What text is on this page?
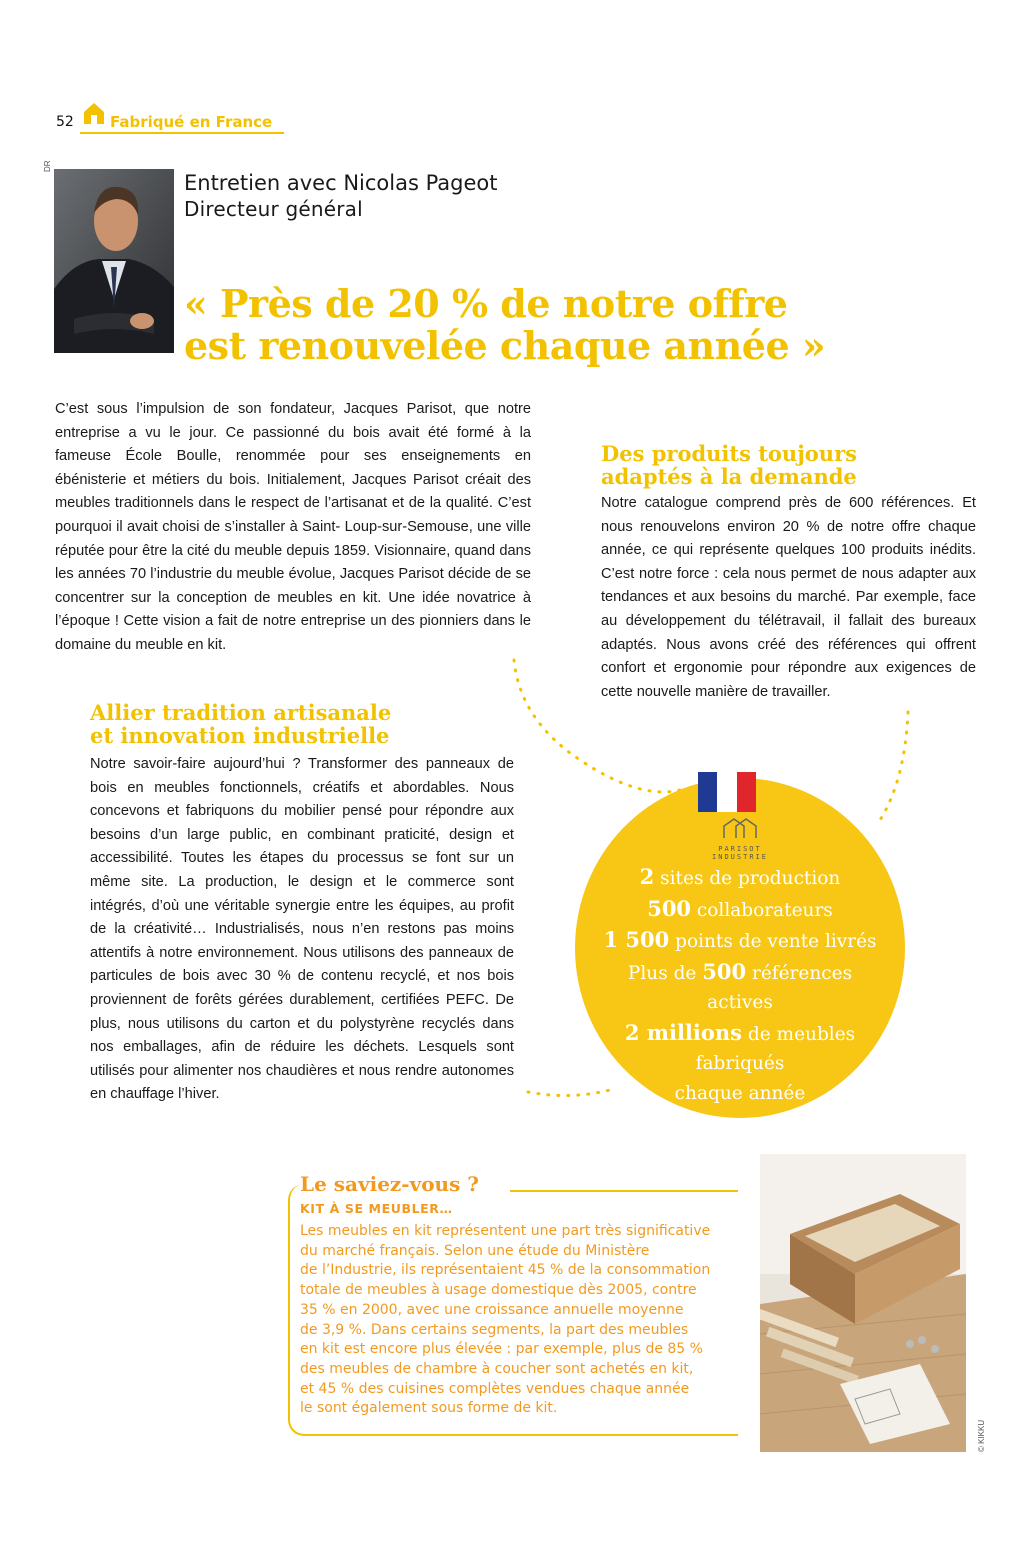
52 Fabriqué en France
DR
Entretien avec Nicolas Pageot
Directeur général
« Près de 20 % de notre offre
est renouvelée chaque année »

C’est sous l’impulsion de son fondateur, Jacques Parisot, que notre entreprise a vu le jour. Ce passionné du bois avait été formé à la fameuse École Boulle, renommée pour ses enseignements en ébénisterie et métiers du bois. Initialement, Jacques Parisot créait des meubles traditionnels dans le respect de l’artisanat et de la qualité. C’est pourquoi il avait choisi de s’installer à Saint- Loup-sur-Semouse, une ville réputée pour être la cité du meuble depuis 1859. Visionnaire, quand dans les années 70 l’industrie du meuble évolue, Jacques Parisot décide de se concentrer sur la conception de meubles en kit. Une idée novatrice à l’époque ! Cette vision a fait de notre entreprise un des pionniers dans le domaine du meuble en kit.

Allier tradition artisanale
et innovation industrielle

Notre savoir-faire aujourd’hui ? Transformer des panneaux de bois en meubles fonctionnels, créatifs et abordables. Nous concevons et fabriquons du mobilier pensé pour répondre aux besoins d’un large public, en combinant praticité, design et accessibilité. Toutes les étapes du processus se font sur un même site. La production, le design et le commerce sont intégrés, d’où une véritable synergie entre les équipes, au profit de la créativité… Industrialisés, nous n’en restons pas moins attentifs à notre environnement. Nous utilisons des panneaux de particules de bois avec 30 % de contenu recyclé, et nos bois proviennent de forêts gérées durablement, certifiées PEFC. De plus, nous utilisons du carton et du polystyrène recyclés dans nos emballages, afin de réduire les déchets. Lesquels sont utilisés pour alimenter nos chaudières et nous rendre autonomes en chauffage l’hiver.

Des produits toujours
adaptés à la demande

Notre catalogue comprend près de 600 références. Et nous renouvelons environ 20 % de notre offre chaque année, ce qui représente quelques 100 produits inédits. C’est notre force : cela nous permet de nous adapter aux tendances et aux besoins du marché. Par exemple, face au développement du télétravail, il fallait des bureaux adaptés. Nous avons créé des références qui offrent confort et ergonomie pour répondre aux exigences de cette nouvelle manière de travailler.

PARISOT INDUSTRIE
2 sites de production
500 collaborateurs
1 500 points de vente livrés
Plus de 500 références
actives
2 millions de meubles
fabriqués
chaque année
Le saviez-vous ?
KIT À SE MEUBLER…
Les meubles en kit représentent une part très significative
du marché français. Selon une étude du Ministère
de l’Industrie, ils représentaient 45 % de la consommation
totale de meubles à usage domestique dès 2005, contre
35 % en 2000, avec une croissance annuelle moyenne
de 3,9 %. Dans certains segments, la part des meubles
en kit est encore plus élevée : par exemple, plus de 85 %
des meubles de chambre à coucher sont achetés en kit,
et 45 % des cuisines complètes vendues chaque année
le sont également sous forme de kit.
© KIKKU
